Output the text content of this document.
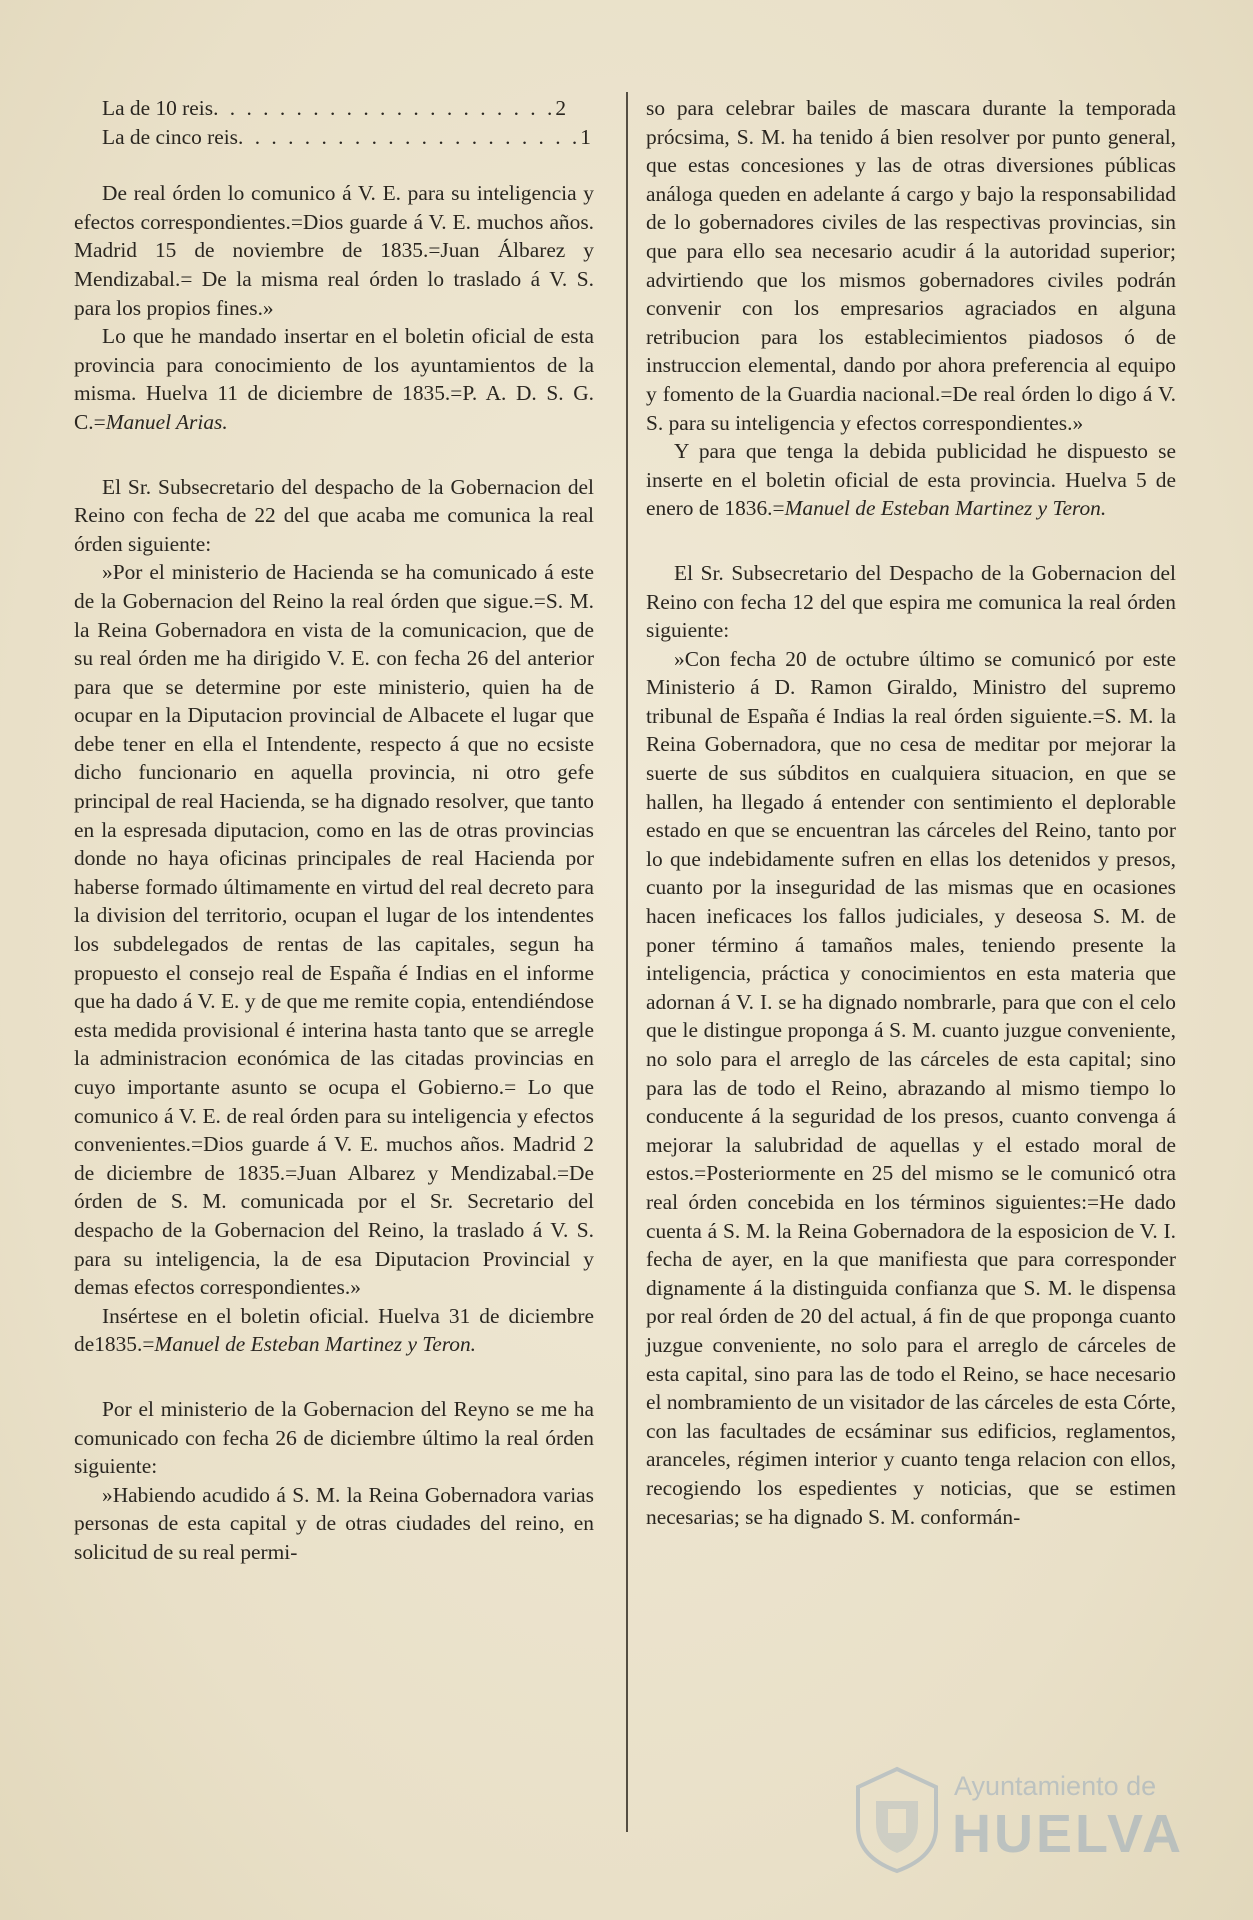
La de 10 reis . . . . . . . . . . . . . . . . . . . . . 2
La de cinco reis . . . . . . . . . . . . . . . . . . . . . 1

De real órden lo comunico á V. E. para su inteligencia y efectos correspondientes.=Dios guarde á V. E. muchos años. Madrid 15 de noviembre de 1835.=Juan Álbarez y Mendizabal.= De la misma real órden lo traslado á V. S. para los propios fines.»

Lo que he mandado insertar en el boletin oficial de esta provincia para conocimiento de los ayuntamientos de la misma. Huelva 11 de diciembre de 1835.=P. A. D. S. G. C.=Manuel Arias.

El Sr. Subsecretario del despacho de la Gobernacion del Reino con fecha de 22 del que acaba me comunica la real órden siguiente:

»Por el ministerio de Hacienda se ha comunicado á este de la Gobernacion del Reino la real órden que sigue.=S. M. la Reina Gobernadora en vista de la comunicacion, que de su real órden me ha dirigido V. E. con fecha 26 del anterior para que se determine por este ministerio, quien ha de ocupar en la Diputacion provincial de Albacete el lugar que debe tener en ella el Intendente, respecto á que no ecsiste dicho funcionario en aquella provincia, ni otro gefe principal de real Hacienda, se ha dignado resolver, que tanto en la espresada diputacion, como en las de otras provincias donde no haya oficinas principales de real Hacienda por haberse formado últimamente en virtud del real decreto para la division del territorio, ocupan el lugar de los intendentes los subdelegados de rentas de las capitales, segun ha propuesto el consejo real de España é Indias en el informe que ha dado á V. E. y de que me remite copia, entendiéndose esta medida provisional é interina hasta tanto que se arregle la administracion económica de las citadas provincias en cuyo importante asunto se ocupa el Gobierno.= Lo que comunico á V. E. de real órden para su inteligencia y efectos convenientes.=Dios guarde á V. E. muchos años. Madrid 2 de diciembre de 1835.=Juan Albarez y Mendizabal.=De órden de S. M. comunicada por el Sr. Secretario del despacho de la Gobernacion del Reino, la traslado á V. S. para su inteligencia, la de esa Diputacion Provincial y demas efectos correspondientes.»

Insértese en el boletin oficial. Huelva 31 de diciembre de1835.=Manuel de Esteban Martinez y Teron.

Por el ministerio de la Gobernacion del Reyno se me ha comunicado con fecha 26 de diciembre último la real órden siguiente:

»Habiendo acudido á S. M. la Reina Gobernadora varias personas de esta capital y de otras ciudades del reino, en solicitud de su real permi-

so para celebrar bailes de mascara durante la temporada prócsima, S. M. ha tenido á bien resolver por punto general, que estas concesiones y las de otras diversiones públicas análoga queden en adelante á cargo y bajo la responsabilidad de lo gobernadores civiles de las respectivas provincias, sin que para ello sea necesario acudir á la autoridad superior; advirtiendo que los mismos gobernadores civiles podrán convenir con los empresarios agraciados en alguna retribucion para los establecimientos piadosos ó de instruccion elemental, dando por ahora preferencia al equipo y fomento de la Guardia nacional.=De real órden lo digo á V. S. para su inteligencia y efectos correspondientes.»

Y para que tenga la debida publicidad he dispuesto se inserte en el boletin oficial de esta provincia. Huelva 5 de enero de 1836.=Manuel de Esteban Martinez y Teron.

El Sr. Subsecretario del Despacho de la Gobernacion del Reino con fecha 12 del que espira me comunica la real órden siguiente:

»Con fecha 20 de octubre último se comunicó por este Ministerio á D. Ramon Giraldo, Ministro del supremo tribunal de España é Indias la real órden siguiente.=S. M. la Reina Gobernadora, que no cesa de meditar por mejorar la suerte de sus súbditos en cualquiera situacion, en que se hallen, ha llegado á entender con sentimiento el deplorable estado en que se encuentran las cárceles del Reino, tanto por lo que indebidamente sufren en ellas los detenidos y presos, cuanto por la inseguridad de las mismas que en ocasiones hacen ineficaces los fallos judiciales, y deseosa S. M. de poner término á tamaños males, teniendo presente la inteligencia, práctica y conocimientos en esta materia que adornan á V. I. se ha dignado nombrarle, para que con el celo que le distingue proponga á S. M. cuanto juzgue conveniente, no solo para el arreglo de las cárceles de esta capital; sino para las de todo el Reino, abrazando al mismo tiempo lo conducente á la seguridad de los presos, cuanto convenga á mejorar la salubridad de aquellas y el estado moral de estos.=Posteriormente en 25 del mismo se le comunicó otra real órden concebida en los términos siguientes:=He dado cuenta á S. M. la Reina Gobernadora de la esposicion de V. I. fecha de ayer, en la que manifiesta que para corresponder dignamente á la distinguida confianza que S. M. le dispensa por real órden de 20 del actual, á fin de que proponga cuanto juzgue conveniente, no solo para el arreglo de cárceles de esta capital, sino para las de todo el Reino, se hace necesario el nombramiento de un visitador de las cárceles de esta Córte, con las facultades de ecsáminar sus edificios, reglamentos, aranceles, régimen interior y cuanto tenga relacion con ellos, recogiendo los espedientes y noticias, que se estimen necesarias; se ha dignado S. M. conformán-

Ayuntamiento de
HUELVA
